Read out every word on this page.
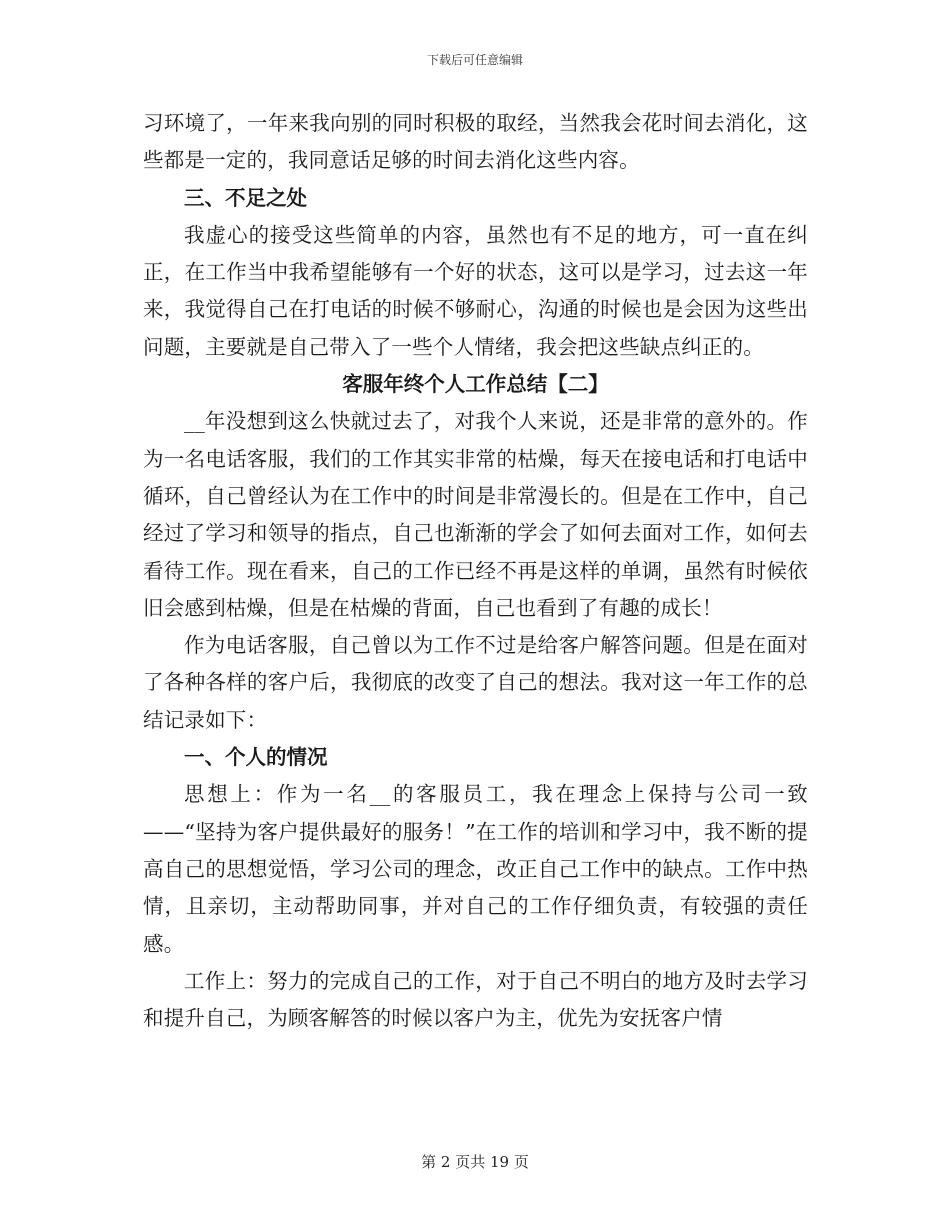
下载后可任意编辑

习环境了，一年来我向别的同时积极的取经，当然我会花时间去消化，这些都是一定的，我同意话足够的时间去消化这些内容。

三、不足之处

我虚心的接受这些简单的内容，虽然也有不足的地方，可一直在纠正，在工作当中我希望能够有一个好的状态，这可以是学习，过去这一年来，我觉得自己在打电话的时候不够耐心，沟通的时候也是会因为这些出问题，主要就是自己带入了一些个人情绪，我会把这些缺点纠正的。

客服年终个人工作总结【二】

__年没想到这么快就过去了，对我个人来说，还是非常的意外的。作为一名电话客服，我们的工作其实非常的枯燥，每天在接电话和打电话中循环，自己曾经认为在工作中的时间是非常漫长的。但是在工作中，自己经过了学习和领导的指点，自己也渐渐的学会了如何去面对工作，如何去看待工作。现在看来，自己的工作已经不再是这样的单调，虽然有时候依旧会感到枯燥，但是在枯燥的背面，自己也看到了有趣的成长！

作为电话客服，自己曾以为工作不过是给客户解答问题。但是在面对了各种各样的客户后，我彻底的改变了自己的想法。我对这一年工作的总结记录如下：

一、个人的情况

思想上：作为一名__的客服员工，我在理念上保持与公司一致——“坚持为客户提供最好的服务！”在工作的培训和学习中，我不断的提高自己的思想觉悟，学习公司的理念，改正自己工作中的缺点。工作中热情，且亲切，主动帮助同事，并对自己的工作仔细负责，有较强的责任感。

工作上：努力的完成自己的工作，对于自己不明白的地方及时去学习和提升自己，为顾客解答的时候以客户为主，优先为安抚客户情

第 2 页共 19 页
